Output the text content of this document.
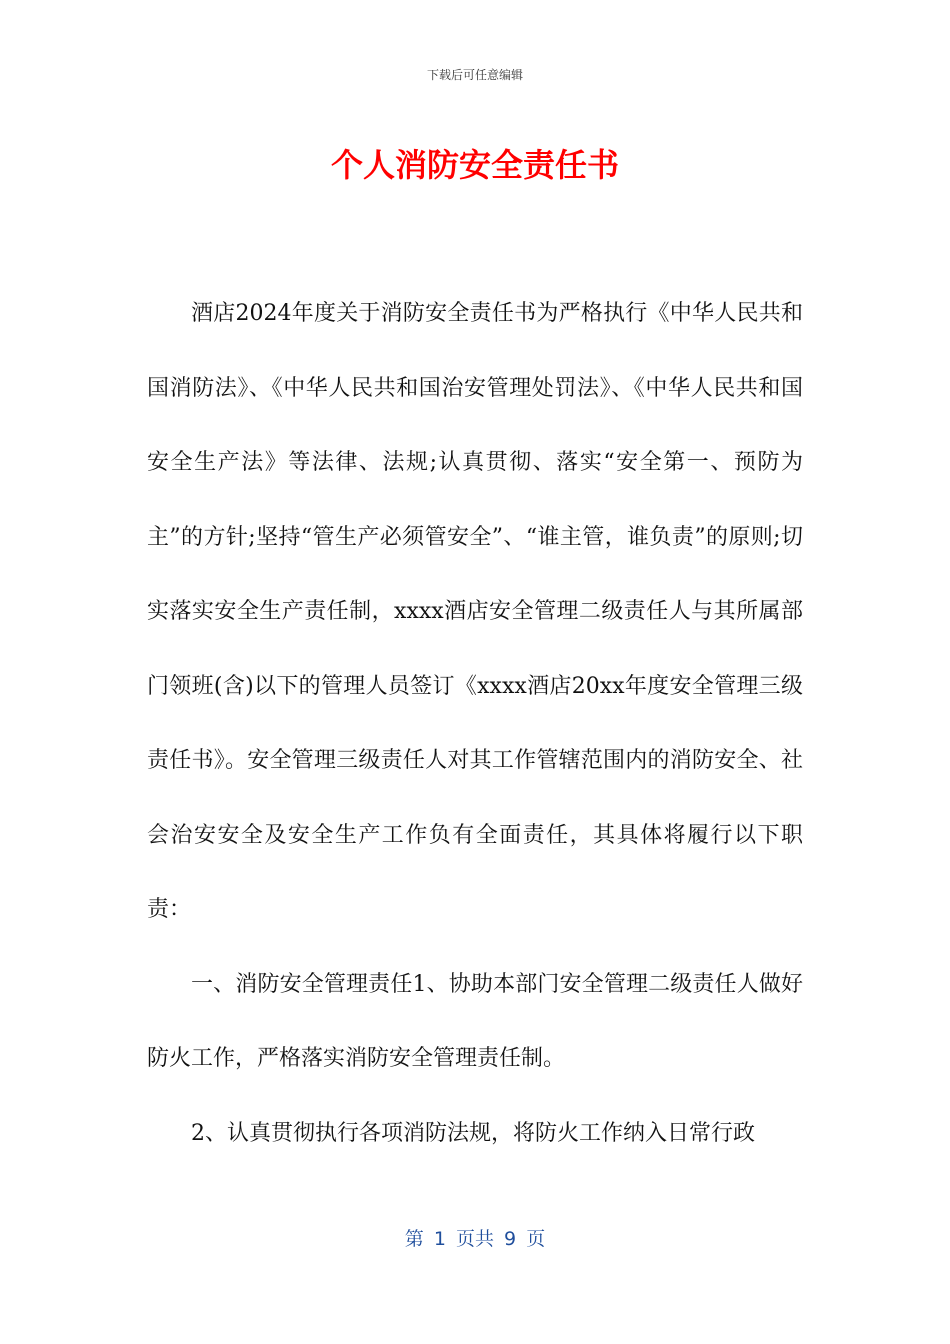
下载后可任意编辑
个人消防安全责任书

酒店2024年度关于消防安全责任书为严格执行《中华人民共和国消防法》、《中华人民共和国治安管理处罚法》、《中华人民共和国安全生产法》等法律、法规;认真贯彻、落实“安全第一、预防为主”的方针;坚持“管生产必须管安全”、“谁主管，谁负责”的原则;切实落实安全生产责任制，xxxx酒店安全管理二级责任人与其所属部门领班(含)以下的管理人员签订《xxxx酒店20xx年度安全管理三级责任书》。安全管理三级责任人对其工作管辖范围内的消防安全、社会治安安全及安全生产工作负有全面责任，其具体将履行以下职责：

一、消防安全管理责任1、协助本部门安全管理二级责任人做好防火工作，严格落实消防安全管理责任制。

2、认真贯彻执行各项消防法规，将防火工作纳入日常行政

第 1 页共 9 页
